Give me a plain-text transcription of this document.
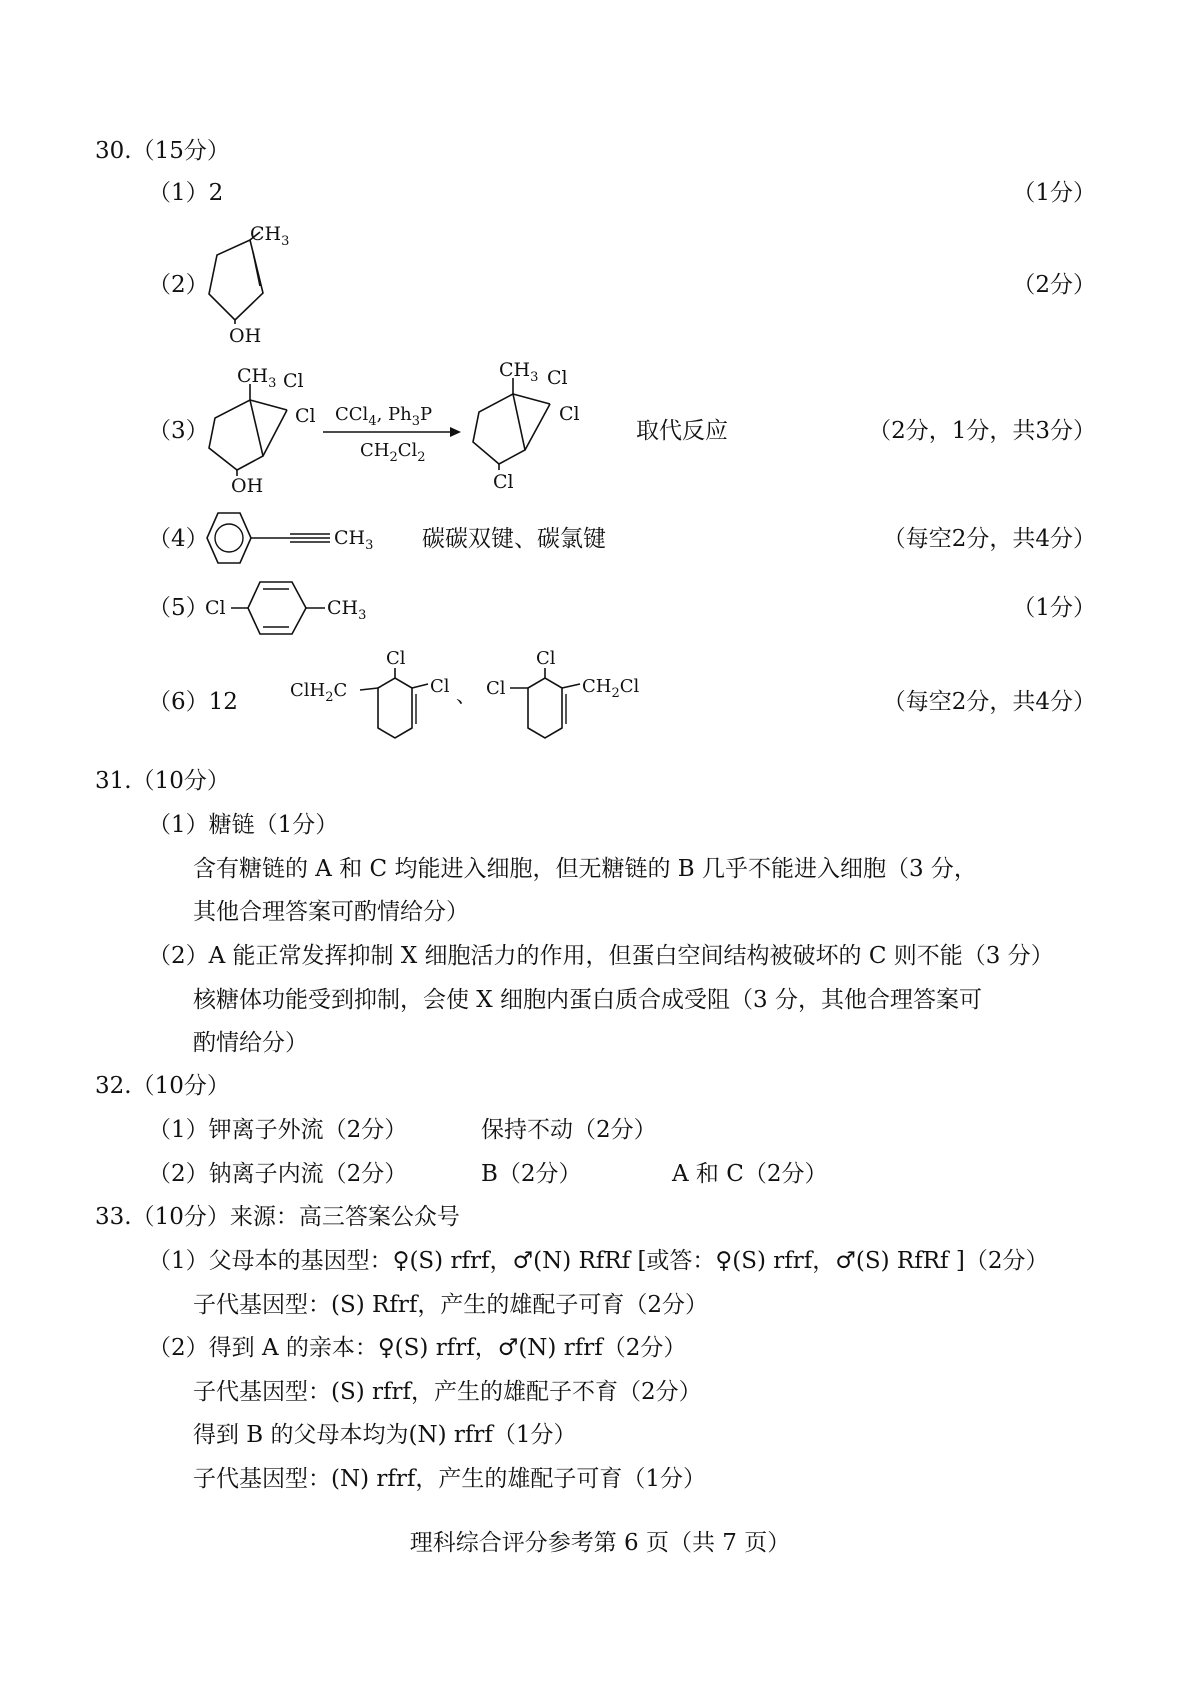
30.（15分）
（1）2	（1分）
（2）
$CH_3$
OH
（2分）
（3）
$CH_3$ Cl
Cl
OH
CCl$_4$, $Ph_3P$
$CH_2Cl_2$
$CH_3$ Cl
Cl
Cl
取代反应	（2分，1分，共3分）
（4）	$CH_3$ 碳碳双键、碳氯键	（每空2分，共4分）
（5）
Cl	$CH_3$	（1分）
（6）12	ClH$_2$C
Cl
Cl 、 Cl
Cl
$CH_2Cl$
（每空2分，共4分）
31.（10分）
（1）糖链（1分）
含有糖链的 A 和 C 均能进入细胞，但无糖链的 B 几乎不能进入细胞（3 分，
其他合理答案可酌情给分）
（2）A 能正常发挥抑制 X 细胞活力的作用，但蛋白空间结构被破坏的 C 则不能（3 分）
核糖体功能受到抑制，会使 X 细胞内蛋白质合成受阻（3 分，其他合理答案可
酌情给分）
32.（10分）
（1）钾离子外流（2分）	保持不动（2分）
（2）钠离子内流（2分）	B（2分）	A 和 C（2分）
33.（10分）来源：高三答案公众号
（1）父母本的基因型：♀(S) rfrf，♂(N) RfRf [或答：♀(S) rfrf，♂(S) RfRf ]（2分）
子代基因型：(S) Rfrf，产生的雄配子可育（2分）
（2）得到 A 的亲本：♀(S) rfrf，♂(N) rfrf（2分）
子代基因型：(S) rfrf，产生的雄配子不育（2分）
得到 B 的父母本均为(N) rfrf（1分）
子代基因型：(N) rfrf，产生的雄配子可育（1分）
理科综合评分参考第 6 页（共 7 页）
